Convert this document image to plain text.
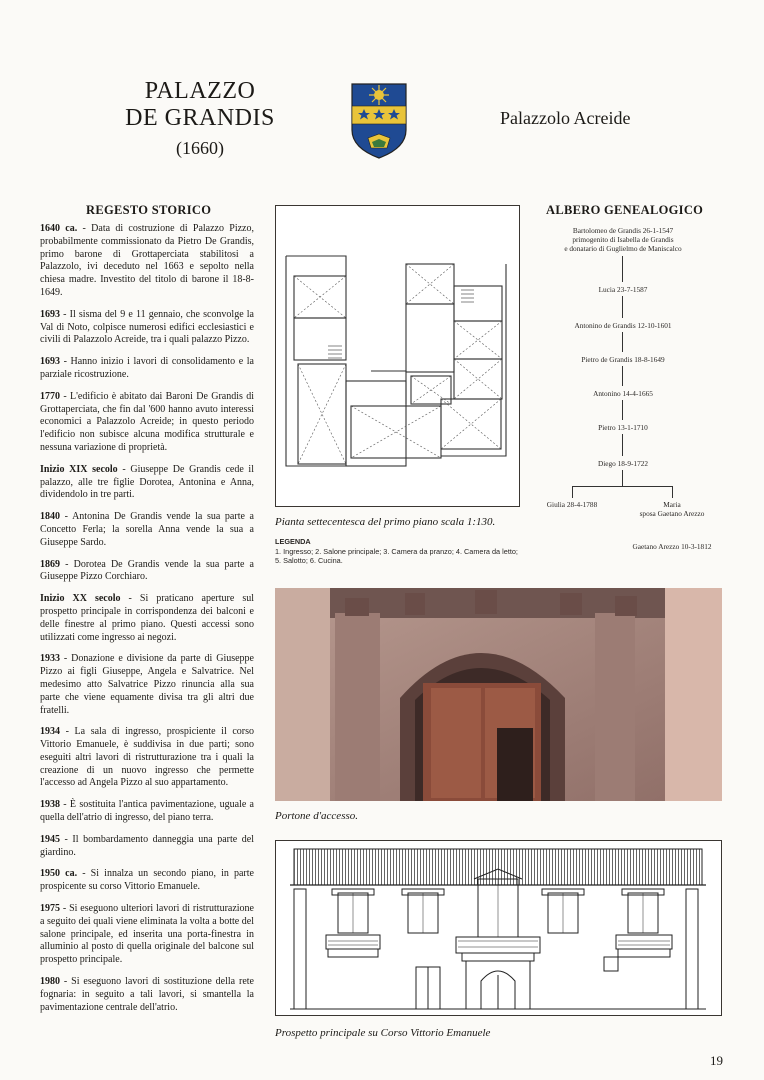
PALAZZO
DE GRANDIS
(1660)
Palazzolo Acreide
REGESTO STORICO	ALBERO GENEALOGICO

1640 ca. - Data di costruzione di Palazzo Pizzo, probabilmente commissionato da Pietro De Grandis, primo barone di Grottaperciata stabilitosi a Palazzolo, ivi deceduto nel 1663 e sepolto nella chiesa madre. Investito del titolo di barone il 18-8-1649.

1693 - Il sisma del 9 e 11 gennaio, che sconvolge la Val di Noto, colpisce numerosi edifici ecclesiastici e civili di Palazzolo Acreide, tra i quali palazzo Pizzo.

1693 - Hanno inizio i lavori di consolidamento e la parziale ricostruzione.

1770 - L'edificio è abitato dai Baroni De Grandis di Grottaperciata, che fin dal '600 hanno avuto interessi economici a Palazzolo Acreide; in questo periodo l'edificio non subisce alcuna modifica strutturale e nessuna variazione di proprietà.

Inizio XIX secolo - Giuseppe De Grandis cede il palazzo, alle tre figlie Dorotea, Antonina e Anna, dividendolo in tre parti.

1840 - Antonina De Grandis vende la sua parte a Concetto Ferla; la sorella Anna vende la sua a Giuseppe Sardo.

1869 - Dorotea De Grandis vende la sua parte a Giuseppe Pizzo Corchiaro.

Inizio XX secolo - Si praticano aperture sul prospetto principale in corrispondenza dei balconi e delle finestre al primo piano. Questi accessi sono utilizzati come ingresso ai negozi.

1933 - Donazione e divisione da parte di Giuseppe Pizzo ai figli Giuseppe, Angela e Salvatrice. Nel medesimo atto Salvatrice Pizzo rinuncia alla sua parte che viene equamente divisa tra gli altri due fratelli.

1934 - La sala di ingresso, prospiciente il corso Vittorio Emanuele, è suddivisa in due parti; sono eseguiti altri lavori di ristrutturazione tra i quali la creazione di un nuovo ingresso che permette l'accesso ad Angela Pizzo al suo appartamento.

1938 - È sostituita l'antica pavimentazione, uguale a quella dell'atrio di ingresso, del piano terra.

1945 - Il bombardamento danneggia una parte del giardino.

1950 ca. - Si innalza un secondo piano, in parte prospicente su corso Vittorio Emanuele.

1975 - Si eseguono ulteriori lavori di ristrutturazione a seguito dei quali viene eliminata la volta a botte del salone principale, ed inserita una porta-finestra in alluminio al posto di quella originale del balcone sul prospetto principale.

1980 - Si eseguono lavori di sostituzione della rete fognaria: in seguito a tali lavori, si smantella la pavimentazione centrale dell'atrio.

Pianta settecentesca del primo piano scala 1:130.
LEGENDA
1. Ingresso; 2. Salone principale; 3. Camera da pranzo; 4. Camera da letto; 5. Salotto; 6. Cucina.
Bartolomeo de Grandis 26-1-1547
primogenito di Isabella de Grandis
e donatario di Guglielmo de Maniscalco
Lucia 23-7-1587
Antonino de Grandis 12-10-1601
Pietro de Grandis 18-8-1649
Antonino 14-4-1665
Pietro 13-1-1710
Diego 18-9-1722
Giulia 28-4-1788	Maria
sposa Gaetano Arezzo
Gaetano Arezzo 10-3-1812
Portone d'accesso.
Prospetto principale su Corso Vittorio Emanuele
19
